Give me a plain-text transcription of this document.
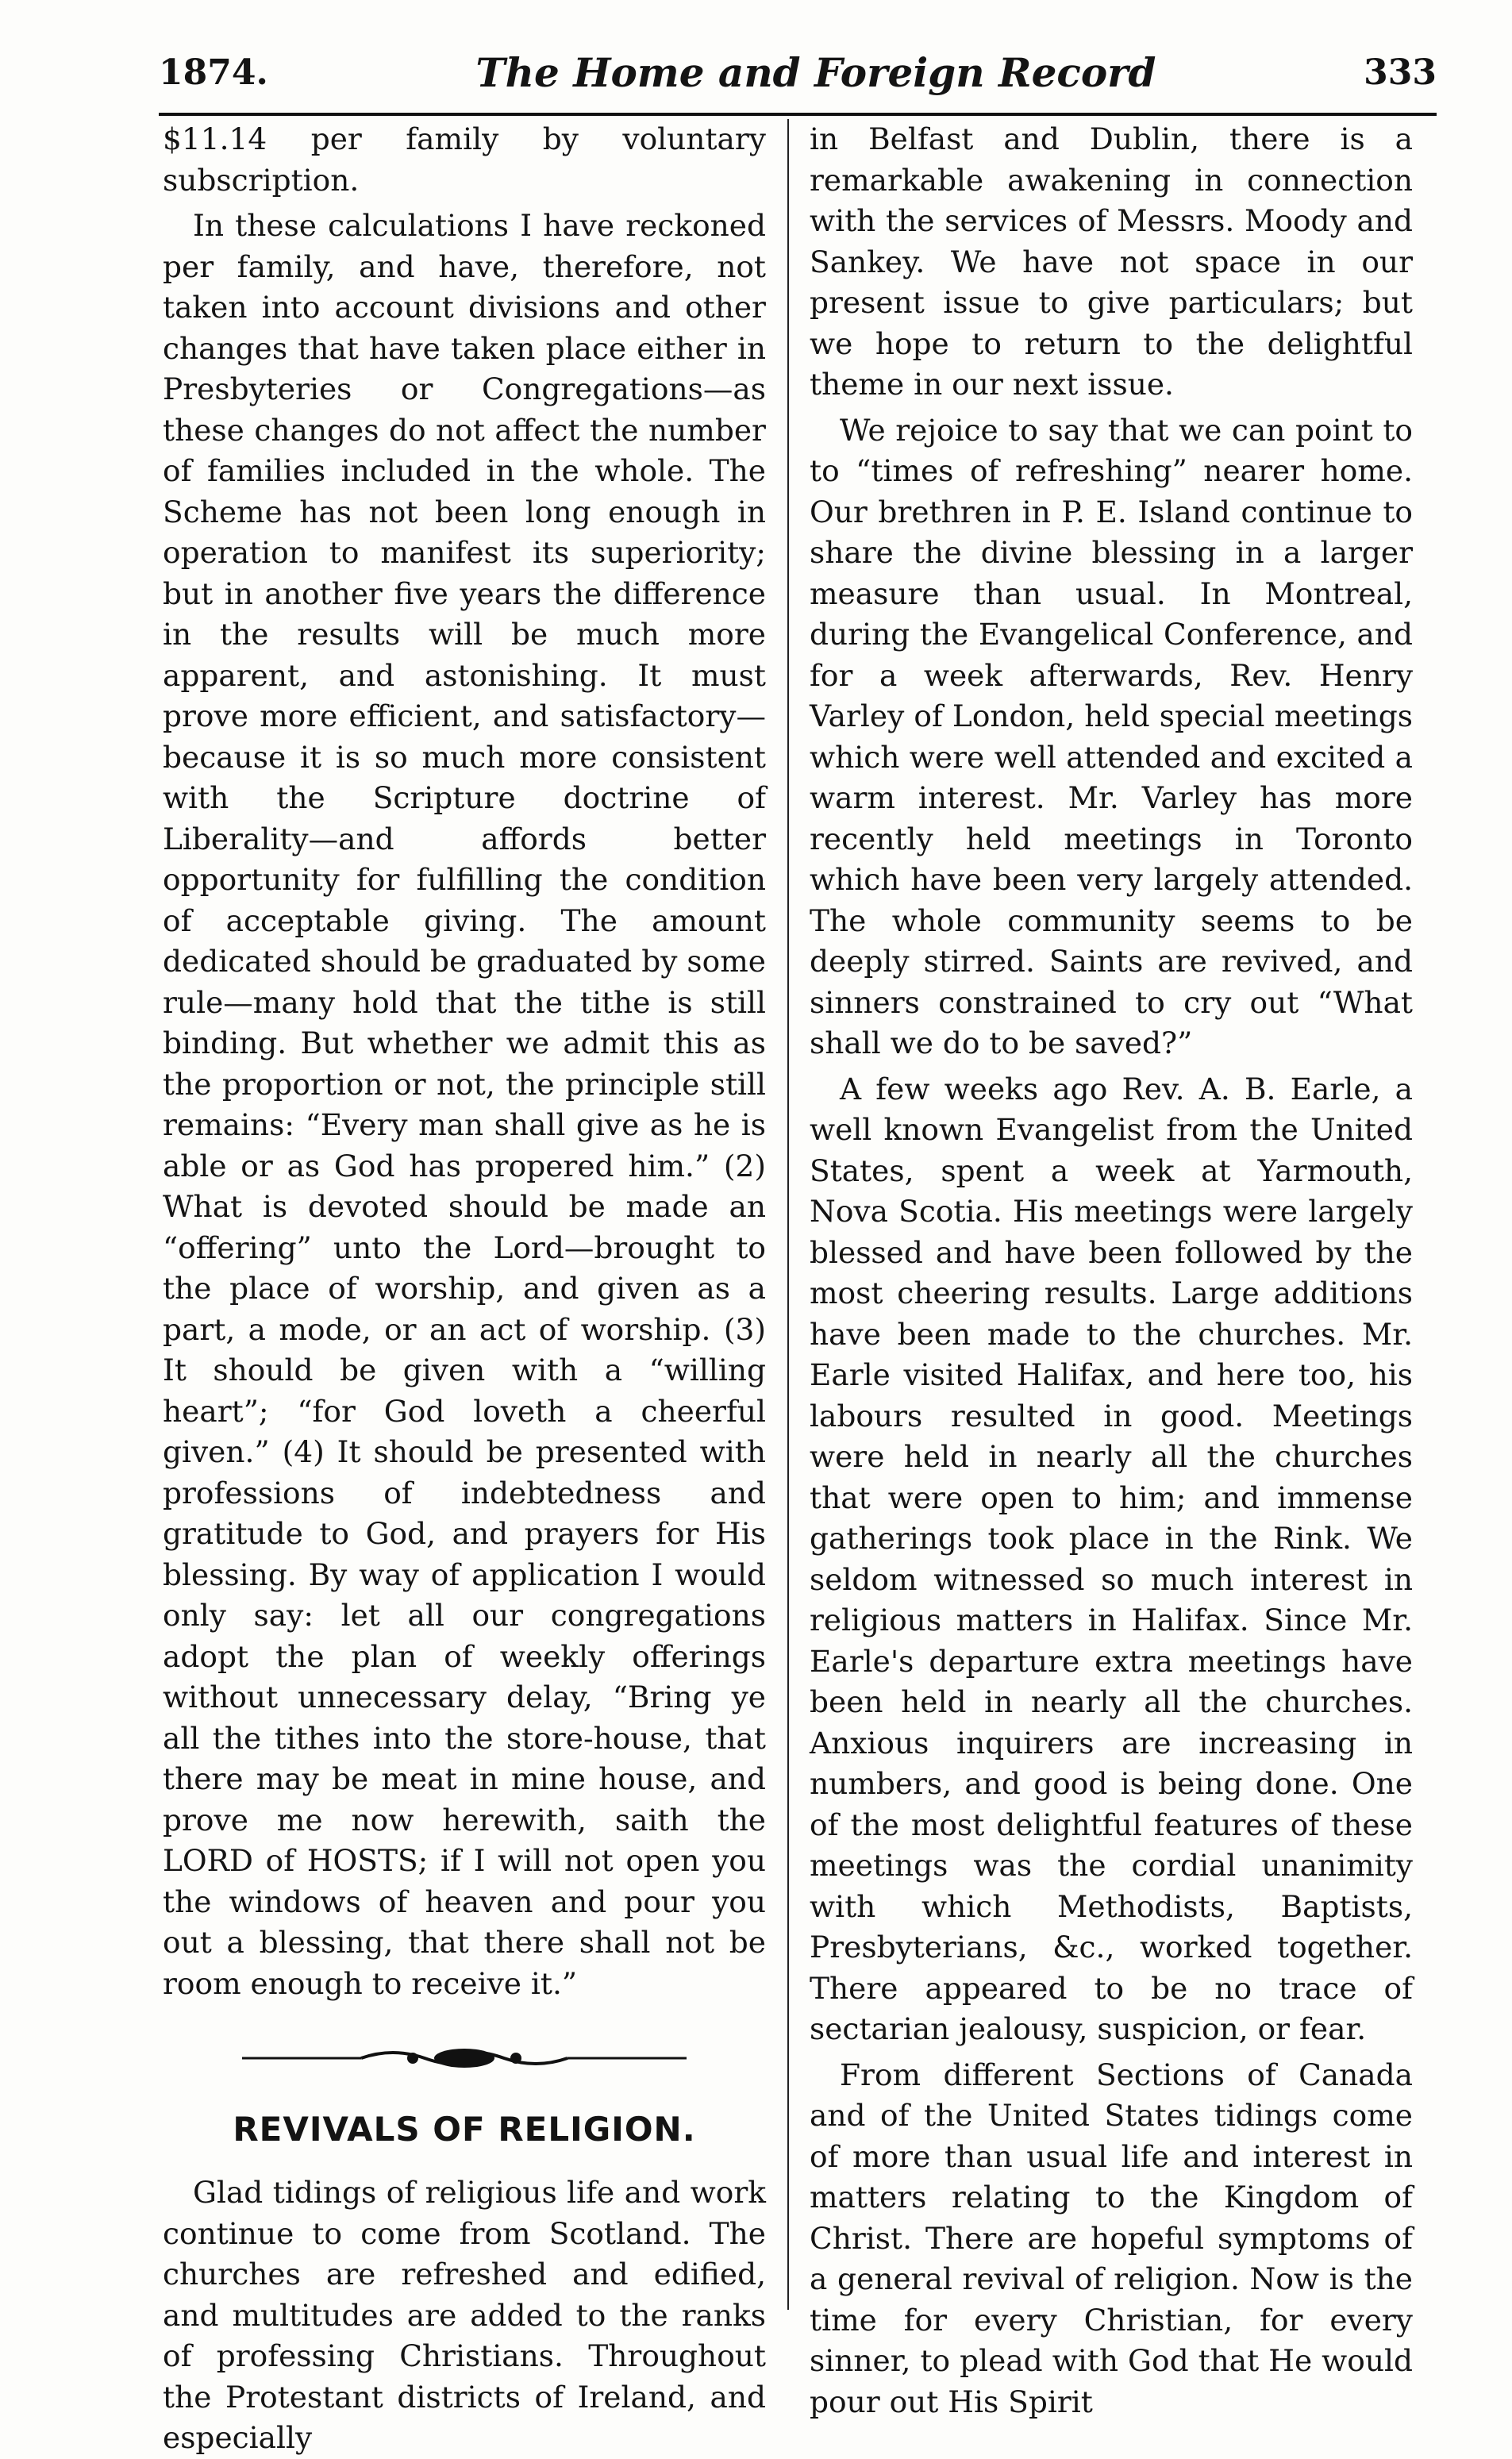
1874.	The Home and Foreign Record	333

$11.14 per family by voluntary subscription.

In these calculations I have reckoned per family, and have, therefore, not taken into account divisions and other changes that have taken place either in Presbyteries or Congregations—as these changes do not affect the number of families included in the whole. The Scheme has not been long enough in operation to manifest its superiority; but in another five years the difference in the results will be much more apparent, and astonishing. It must prove more efficient, and satisfactory—because it is so much more consistent with the Scripture doctrine of Liberality—and affords better opportunity for fulfilling the condition of acceptable giving. The amount dedicated should be graduated by some rule—many hold that the tithe is still binding. But whether we admit this as the proportion or not, the principle still remains: “Every man shall give as he is able or as God has propered him.” (2) What is devoted should be made an “offering” unto the Lord—brought to the place of worship, and given as a part, a mode, or an act of worship. (3) It should be given with a “willing heart”; “for God loveth a cheerful given.” (4) It should be presented with professions of indebtedness and gratitude to God, and prayers for His blessing. By way of application I would only say: let all our congregations adopt the plan of weekly offerings without unnecessary delay, “Bring ye all the tithes into the store-house, that there may be meat in mine house, and prove me now herewith, saith the LORD of HOSTS; if I will not open you the windows of heaven and pour you out a blessing, that there shall not be room enough to receive it.”

REVIVALS OF RELIGION.

Glad tidings of religious life and work continue to come from Scotland. The churches are refreshed and edified, and multitudes are added to the ranks of professing Christians. Throughout the Protestant districts of Ireland, and especially

in Belfast and Dublin, there is a remarkable awakening in connection with the services of Messrs. Moody and Sankey. We have not space in our present issue to give particulars; but we hope to return to the delightful theme in our next issue.

We rejoice to say that we can point to to “times of refreshing” nearer home. Our brethren in P. E. Island continue to share the divine blessing in a larger measure than usual. In Montreal, during the Evangelical Conference, and for a week afterwards, Rev. Henry Varley of London, held special meetings which were well attended and excited a warm interest. Mr. Varley has more recently held meetings in Toronto which have been very largely attended. The whole community seems to be deeply stirred. Saints are revived, and sinners constrained to cry out “What shall we do to be saved?”

A few weeks ago Rev. A. B. Earle, a well known Evangelist from the United States, spent a week at Yarmouth, Nova Scotia. His meetings were largely blessed and have been followed by the most cheering results. Large additions have been made to the churches. Mr. Earle visited Halifax, and here too, his labours resulted in good. Meetings were held in nearly all the churches that were open to him; and immense gatherings took place in the Rink. We seldom witnessed so much interest in religious matters in Halifax. Since Mr. Earle's departure extra meetings have been held in nearly all the churches. Anxious inquirers are increasing in numbers, and good is being done. One of the most delightful features of these meetings was the cordial unanimity with which Methodists, Baptists, Presbyterians, &c., worked together. There appeared to be no trace of sectarian jealousy, suspicion, or fear.

From different Sections of Canada and of the United States tidings come of more than usual life and interest in matters relating to the Kingdom of Christ. There are hopeful symptoms of a general revival of religion. Now is the time for every Christian, for every sinner, to plead with God that He would pour out His Spirit
